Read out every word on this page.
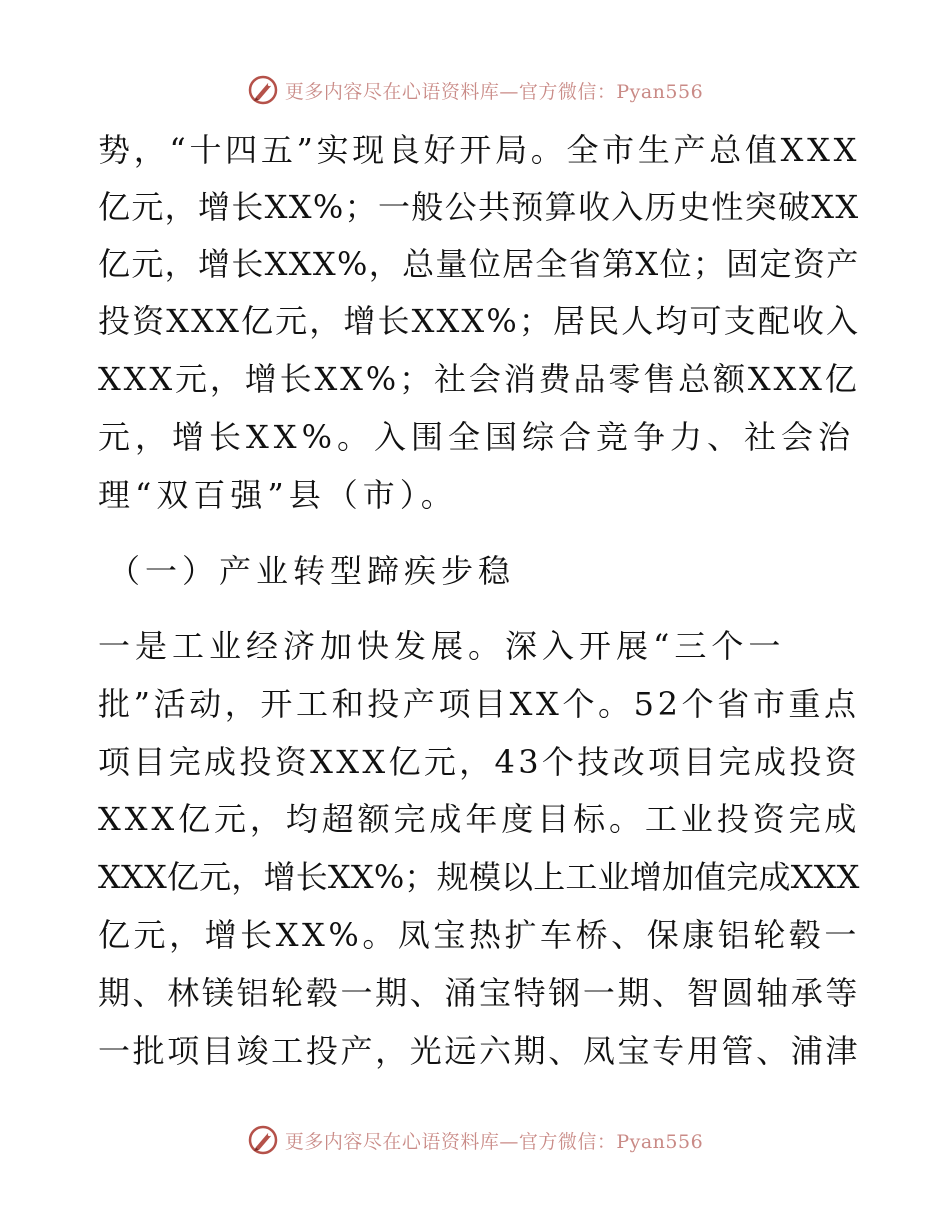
更多内容尽在心语资料库—官方微信：Pyan556
势，“十四五”实现良好开局。全市生产总值XXX
亿元，增长XX%；一般公共预算收入历史性突破XX
亿元，增长XXX%，总量位居全省第X位；固定资产
投资XXX亿元，增长XXX%；居民人均可支配收入
XXX元，增长XX%；社会消费品零售总额XXX亿
元，增长XX%。入围全国综合竞争力、社会治
理“双百强”县（市）。
（一）产业转型蹄疾步稳
一是工业经济加快发展。深入开展“三个一
批”活动，开工和投产项目XX个。52个省市重点
项目完成投资XXX亿元，43个技改项目完成投资
XXX亿元，均超额完成年度目标。工业投资完成
XXX亿元，增长XX%；规模以上工业增加值完成XXX
亿元，增长XX%。凤宝热扩车桥、保康铝轮毂一
期、林镁铝轮毂一期、涌宝特钢一期、智圆轴承等
一批项目竣工投产，光远六期、凤宝专用管、浦津
更多内容尽在心语资料库—官方微信：Pyan556
